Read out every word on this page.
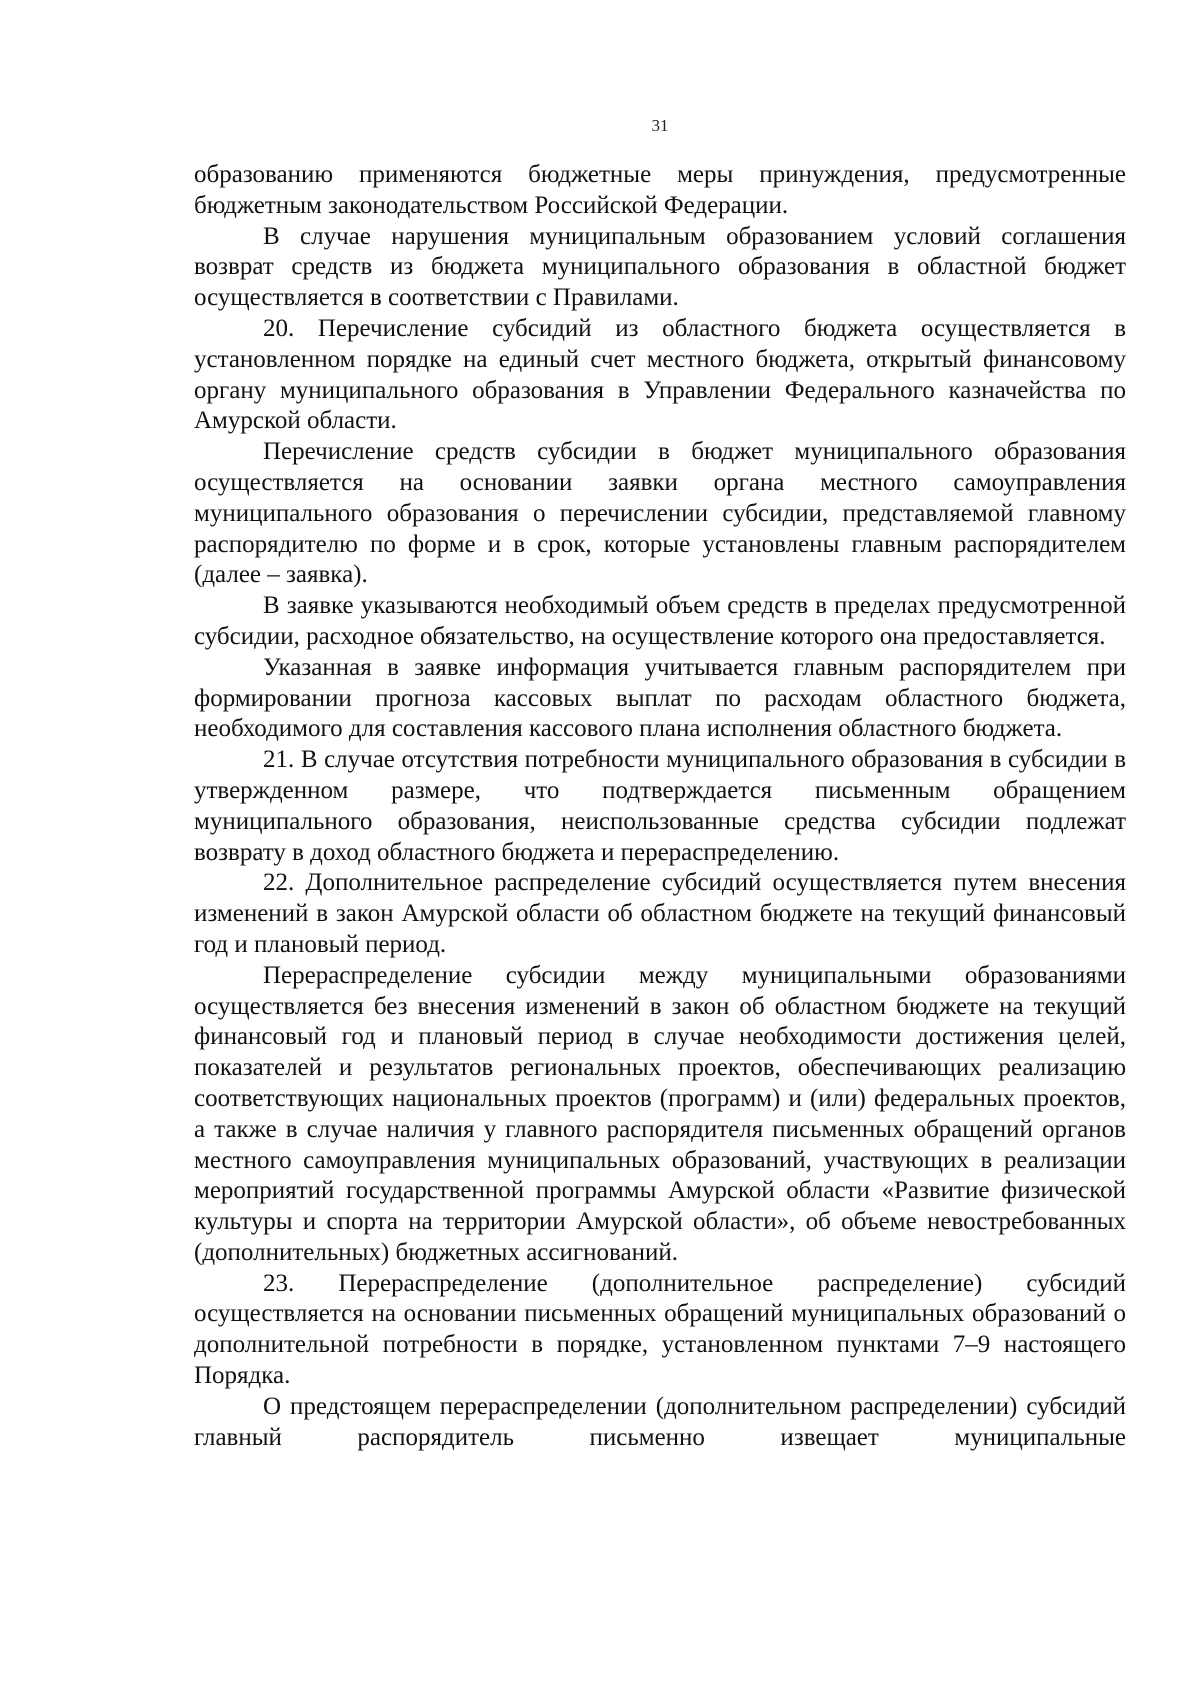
31

образованию применяются бюджетные меры принуждения, предусмотренные бюджетным законодательством Российской Федерации.

В случае нарушения муниципальным образованием условий соглашения возврат средств из бюджета муниципального образования в областной бюджет осуществляется в соответствии с Правилами.

20. Перечисление субсидий из областного бюджета осуществляется в установленном порядке на единый счет местного бюджета, открытый финансовому органу муниципального образования в Управлении Федерального казначейства по Амурской области.

Перечисление средств субсидии в бюджет муниципального образования осуществляется на основании заявки органа местного самоуправления муниципального образования о перечислении субсидии, представляемой главному распорядителю по форме и в срок, которые установлены главным распорядителем (далее – заявка).

В заявке указываются необходимый объем средств в пределах предусмотренной субсидии, расходное обязательство, на осуществление которого она предоставляется.

Указанная в заявке информация учитывается главным распорядителем при формировании прогноза кассовых выплат по расходам областного бюджета, необходимого для составления кассового плана исполнения областного бюджета.

21. В случае отсутствия потребности муниципального образования в субсидии в утвержденном размере, что подтверждается письменным обращением муниципального образования, неиспользованные средства субсидии подлежат возврату в доход областного бюджета и перераспределению.

22. Дополнительное распределение субсидий осуществляется путем внесения изменений в закон Амурской области об областном бюджете на текущий финансовый год и плановый период.

Перераспределение субсидии между муниципальными образованиями осуществляется без внесения изменений в закон об областном бюджете на текущий финансовый год и плановый период в случае необходимости достижения целей, показателей и результатов региональных проектов, обеспечивающих реализацию соответствующих национальных проектов (программ) и (или) федеральных проектов, а также в случае наличия у главного распорядителя письменных обращений органов местного самоуправления муниципальных образований, участвующих в реализации мероприятий государственной программы Амурской области «Развитие физической культуры и спорта на территории Амурской области», об объеме невостребованных (дополнительных) бюджетных ассигнований.

23. Перераспределение (дополнительное распределение) субсидий осуществляется на основании письменных обращений муниципальных образований о дополнительной потребности в порядке, установленном пунктами 7–9 настоящего Порядка.

О предстоящем перераспределении (дополнительном распределении) субсидий главный распорядитель письменно извещает муниципальные
